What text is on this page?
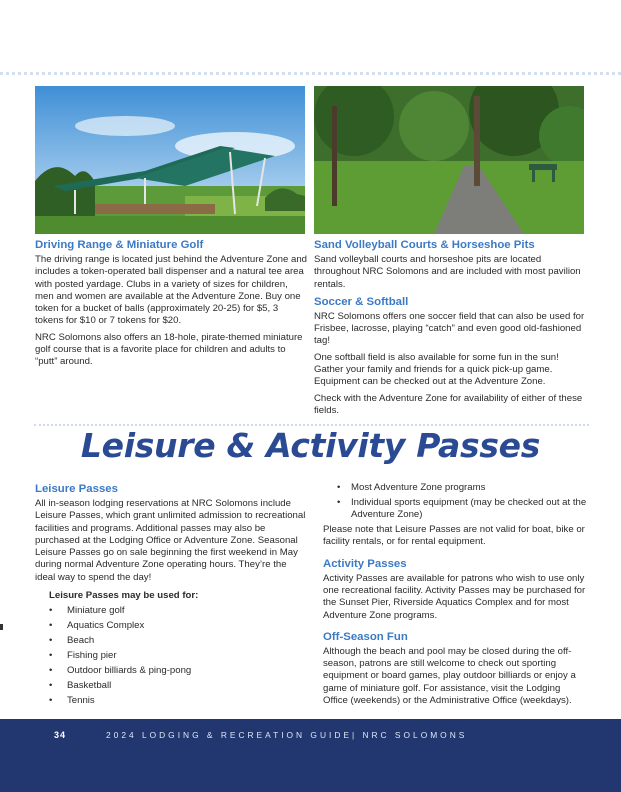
Driving Range & Miniature Golf

The driving range is located just behind the Adventure Zone and includes a token-operated ball dispenser and a natural tee area with posted yardage. Clubs in a variety of sizes for children, men and women are available at the Adventure Zone. Buy one token for a bucket of balls (approximately 20-25) for $5, 3 tokens for $10 or 7 tokens for $20.

NRC Solomons also offers an 18-hole, pirate-themed miniature golf course that is a favorite place for children and adults to “putt” around.

Sand Volleyball Courts & Horseshoe Pits

Sand volleyball courts and horseshoe pits are located throughout NRC Solomons and are included with most pavilion rentals.

Soccer & Softball

NRC Solomons offers one soccer field that can also be used for Frisbee, lacrosse, playing “catch” and even good old-fashioned tag!

One softball field is also available for some fun in the sun! Gather your family and friends for a quick pick-up game. Equipment can be checked out at the Adventure Zone.

Check with the Adventure Zone for availability of either of these fields.

Leisure & Activity Passes
Leisure Passes

All in-season lodging reservations at NRC Solomons include Leisure Passes, which grant unlimited admission to recreational facilities and programs. Additional passes may also be purchased at the Lodging Office or Adventure Zone. Seasonal Leisure Passes go on sale beginning the first weekend in May during normal Adventure Zone operating hours. They’re the ideal way to spend the day!

Leisure Passes may be used for:
• Miniature golf
• Aquatics Complex
• Beach
• Fishing pier
• Outdoor billiards & ping-pong
• Basketball
• Tennis
• Most Adventure Zone programs
• Individual sports equipment (may be checked out at the Adventure Zone)

Please note that Leisure Passes are not valid for boat, bike or facility rentals, or for rental equipment.

Activity Passes

Activity Passes are available for patrons who wish to use only one recreational facility. Activity Passes may be purchased for the Sunset Pier, Riverside Aquatics Complex and for most Adventure Zone programs.

Off-Season Fun

Although the beach and pool may be closed during the off-season, patrons are still welcome to check out sporting equipment or board games, play outdoor billiards or enjoy a game of miniature golf. For assistance, visit the Lodging Office (weekends) or the Administrative Office (weekdays).

34	2024 LODGING & RECREATION GUIDE| NRC SOLOMONS
